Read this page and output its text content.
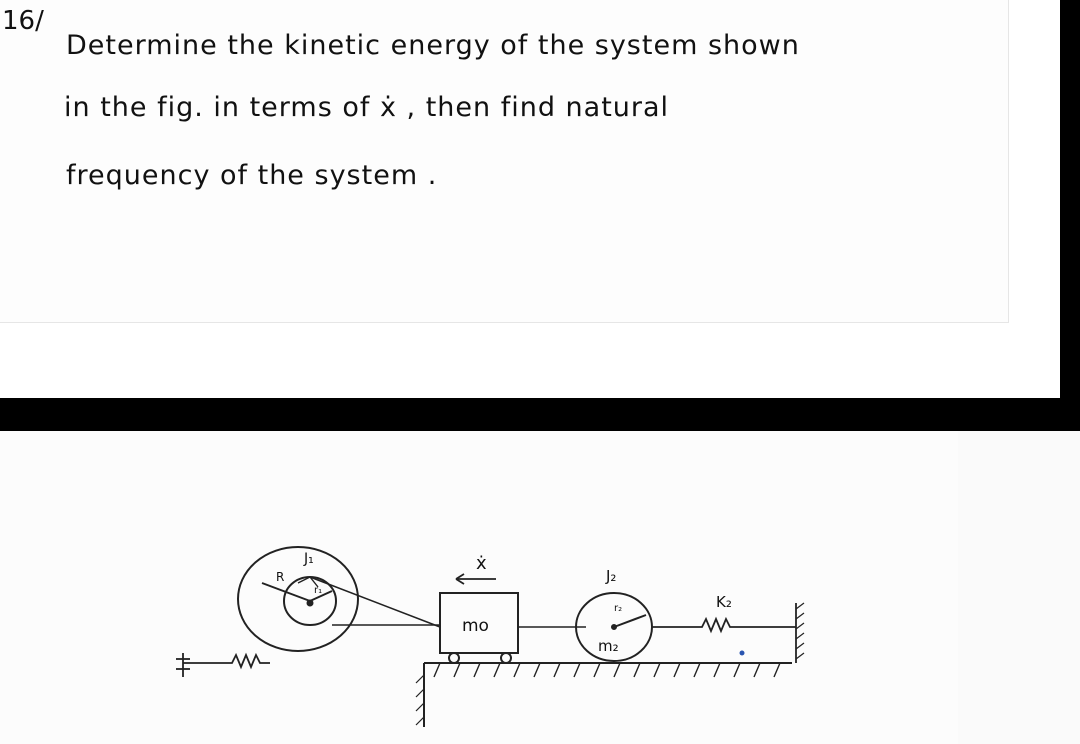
16/
Determine the kinetic energy of the system shown
in the fig. in terms of ẋ , then find natural
frequency of the system .
R
J₁
r₁
mo
ẋ
J₂
r₂
m₂
K₂
